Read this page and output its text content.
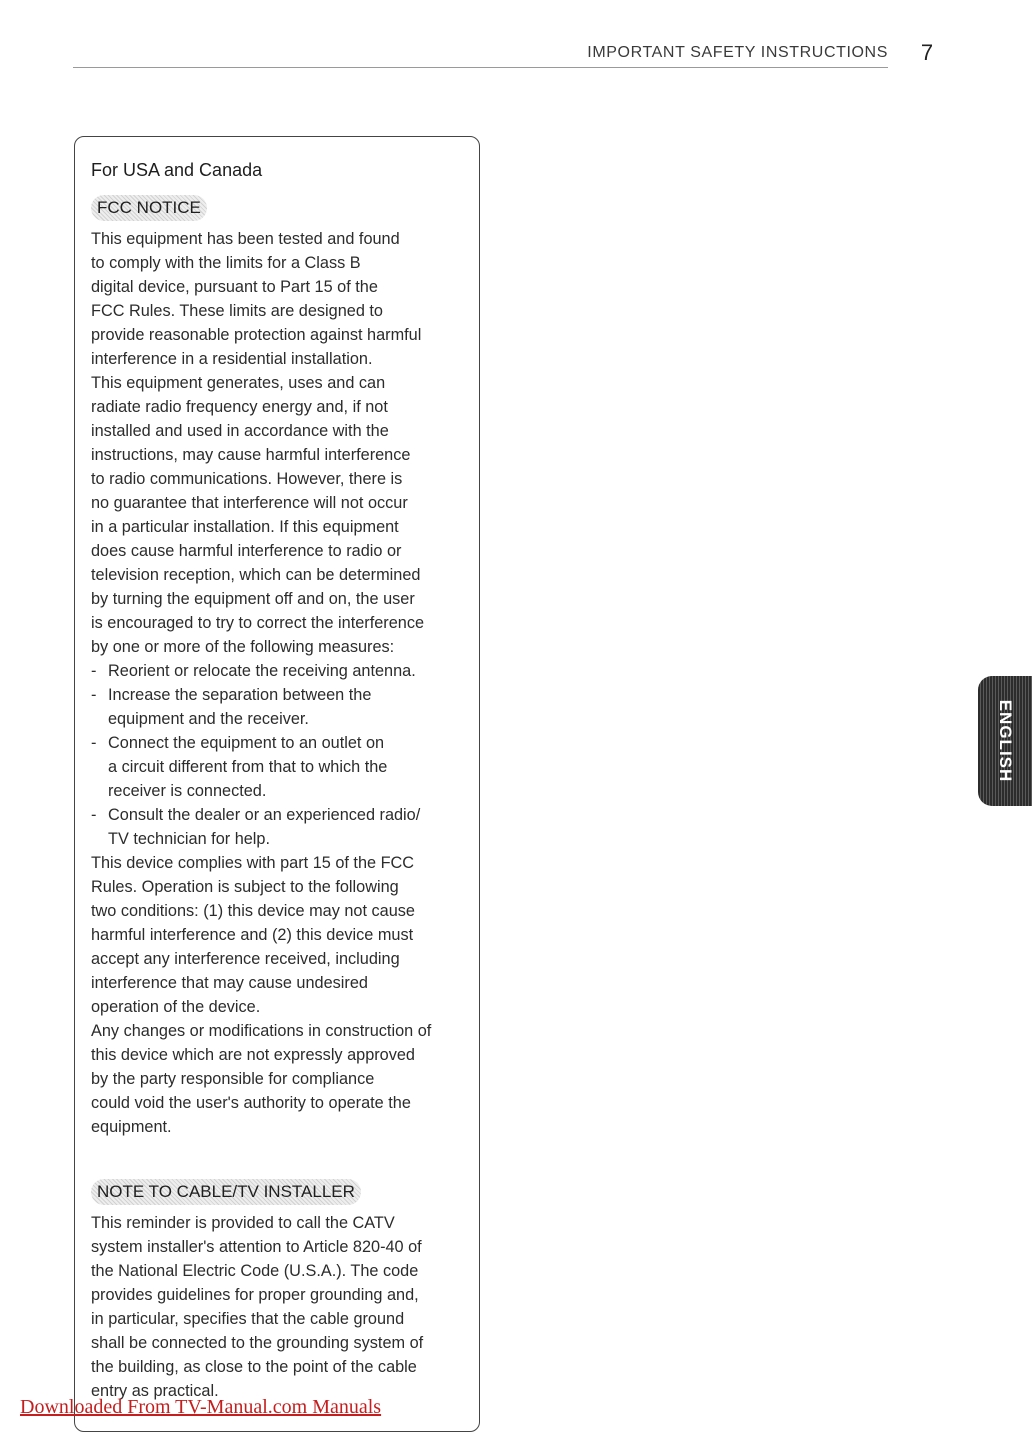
IMPORTANT SAFETY INSTRUCTIONS	7
For USA and Canada
FCC NOTICE
This equipment has been tested and found
to comply with the limits for a Class B
digital device, pursuant to Part 15 of the
FCC Rules. These limits are designed to
provide reasonable protection against harmful
interference in a residential installation.
This equipment generates, uses and can
radiate radio frequency energy and, if not
installed and used in accordance with the
instructions, may cause harmful interference
to radio communications. However, there is
no guarantee that interference will not occur
in a particular installation. If this equipment
does cause harmful interference to radio or
television reception, which can be determined
by turning the equipment off and on, the user
is encouraged to try to correct the interference
by one or more of the following measures:
- Reorient or relocate the receiving antenna.
- Increase the separation between the
equipment and the receiver.
- Connect the equipment to an outlet on
a circuit different from that to which the
receiver is connected.
- Consult the dealer or an experienced radio/
TV technician for help.
This device complies with part 15 of the FCC
Rules. Operation is subject to the following
two conditions: (1) this device may not cause
harmful interference and (2) this device must
accept any interference received, including
interference that may cause undesired
operation of the device.
Any changes or modifications in construction of
this device which are not expressly approved
by the party responsible for compliance
could void the user's authority to operate the
equipment.
NOTE TO CABLE/TV INSTALLER
This reminder is provided to call the CATV
system installer's attention to Article 820-40 of
the National Electric Code (U.S.A.). The code
provides guidelines for proper grounding and,
in particular, specifies that the cable ground
shall be connected to the grounding system of
the building, as close to the point of the cable
entry as practical.
ENGLISH
Downloaded From TV-Manual.com Manuals
